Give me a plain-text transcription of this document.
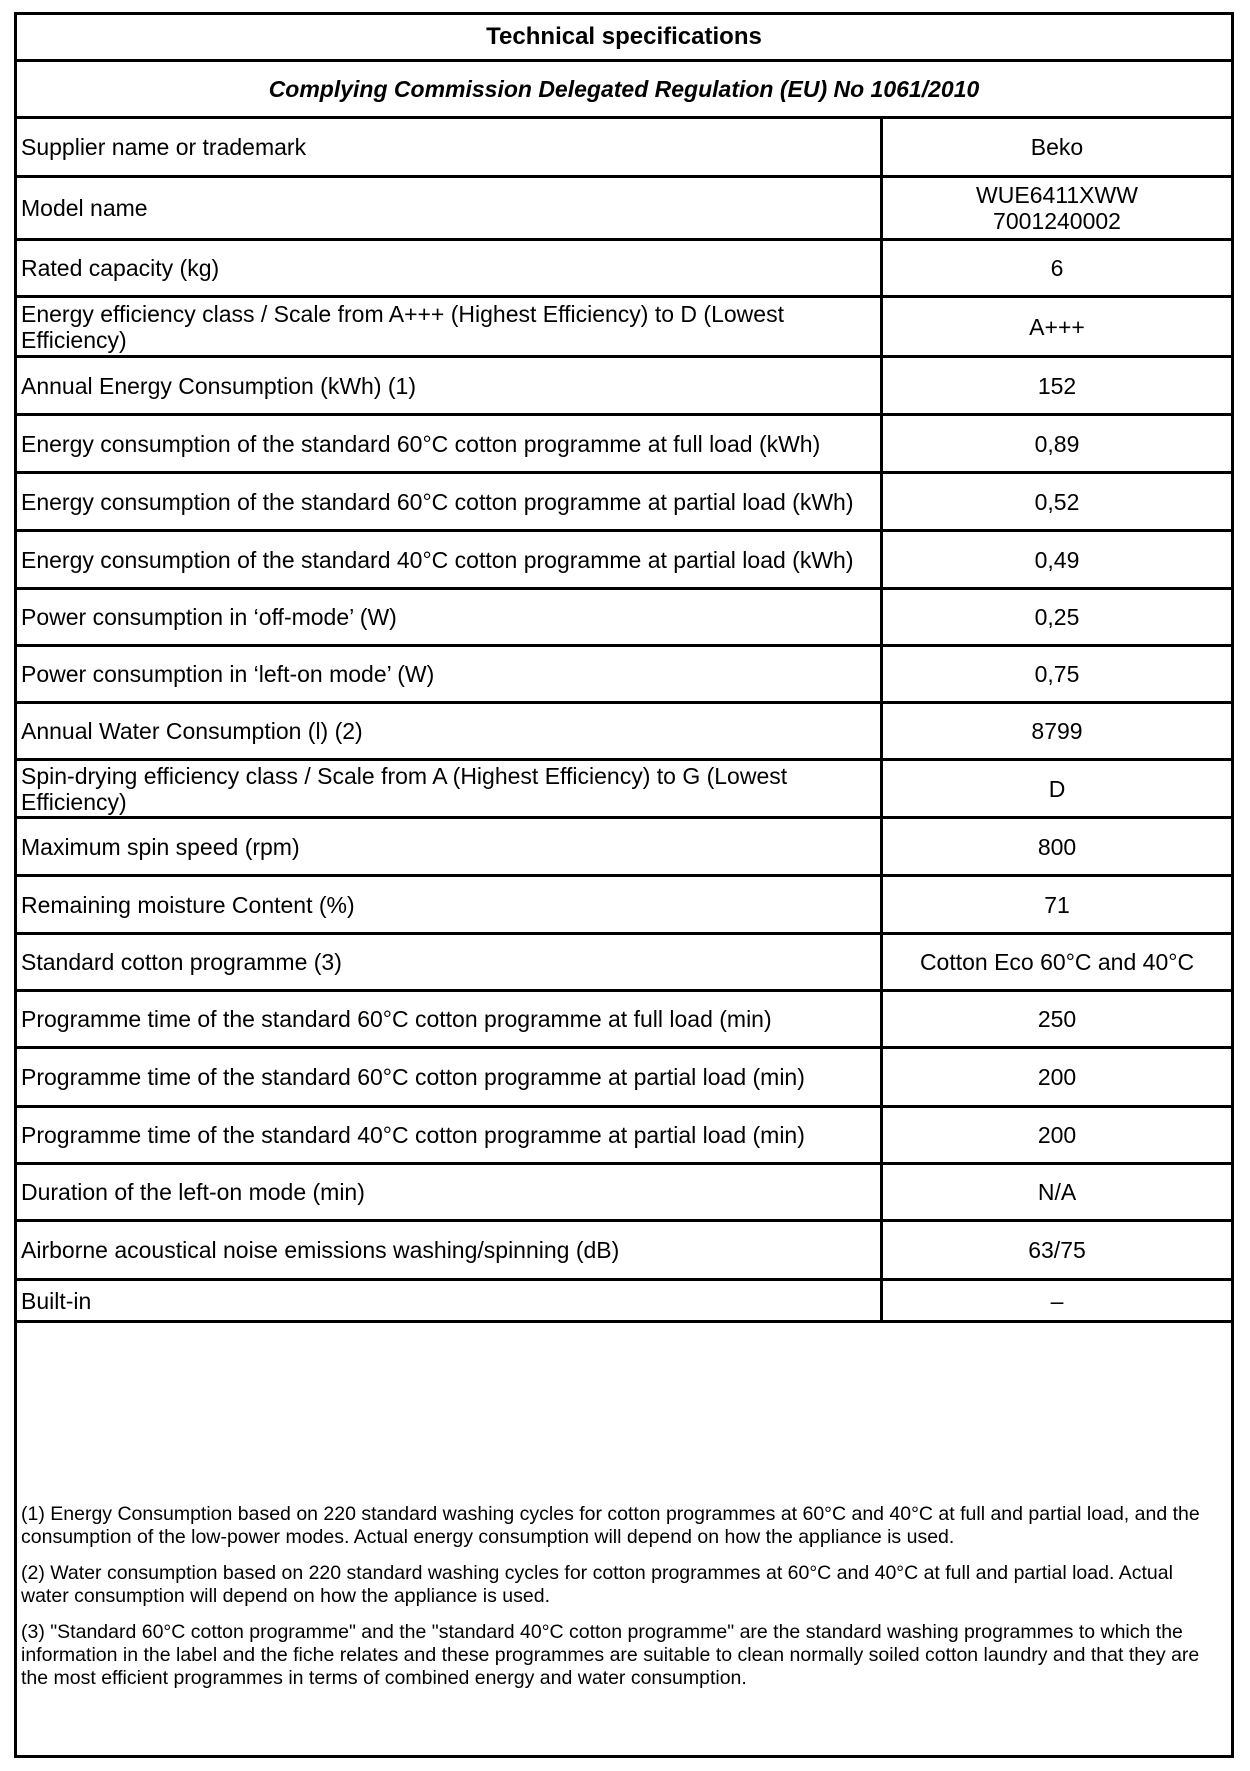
Technical specifications
Complying Commission Delegated Regulation (EU) No 1061/2010
Supplier name or trademark	Beko
Model name	WUE6411XWW
7001240002
Rated capacity (kg)	6
Energy efficiency class / Scale from A+++ (Highest Efficiency) to D (Lowest Efficiency)	A+++
Annual Energy Consumption (kWh) (1)	152
Energy consumption of the standard 60°C cotton programme at full load (kWh)	0,89
Energy consumption of the standard 60°C cotton programme at partial load (kWh)	0,52
Energy consumption of the standard 40°C cotton programme at partial load (kWh)	0,49
Power consumption in ‘off-mode’ (W)	0,25
Power consumption in ‘left-on mode’ (W)	0,75
Annual Water Consumption (l) (2)	8799
Spin-drying efficiency class / Scale from A (Highest Efficiency) to G (Lowest Efficiency)	D
Maximum spin speed (rpm)	800
Remaining moisture Content (%)	71
Standard cotton programme (3)	Cotton Eco 60°C and 40°C
Programme time of the standard 60°C cotton programme at full load (min)	250
Programme time of the standard 60°C cotton programme at partial load (min)	200
Programme time of the standard 40°C cotton programme at partial load (min)	200
Duration of the left-on mode (min)	N/A
Airborne acoustical noise emissions washing/spinning (dB)	63/75
Built-in	–
(1) Energy Consumption based on 220 standard washing cycles for cotton programmes at 60°C and 40°C at full and partial load, and the consumption of the low-power modes. Actual energy consumption will depend on how the appliance is used.
(2) Water consumption based on 220 standard washing cycles for cotton programmes at 60°C and 40°C at full and partial load. Actual water consumption will depend on how the appliance is used.
(3) "Standard 60°C cotton programme" and the "standard 40°C cotton programme" are the standard washing programmes to which the information in the label and the fiche relates and these programmes are suitable to clean normally soiled cotton laundry and that they are the most efficient programmes in terms of combined energy and water consumption.
